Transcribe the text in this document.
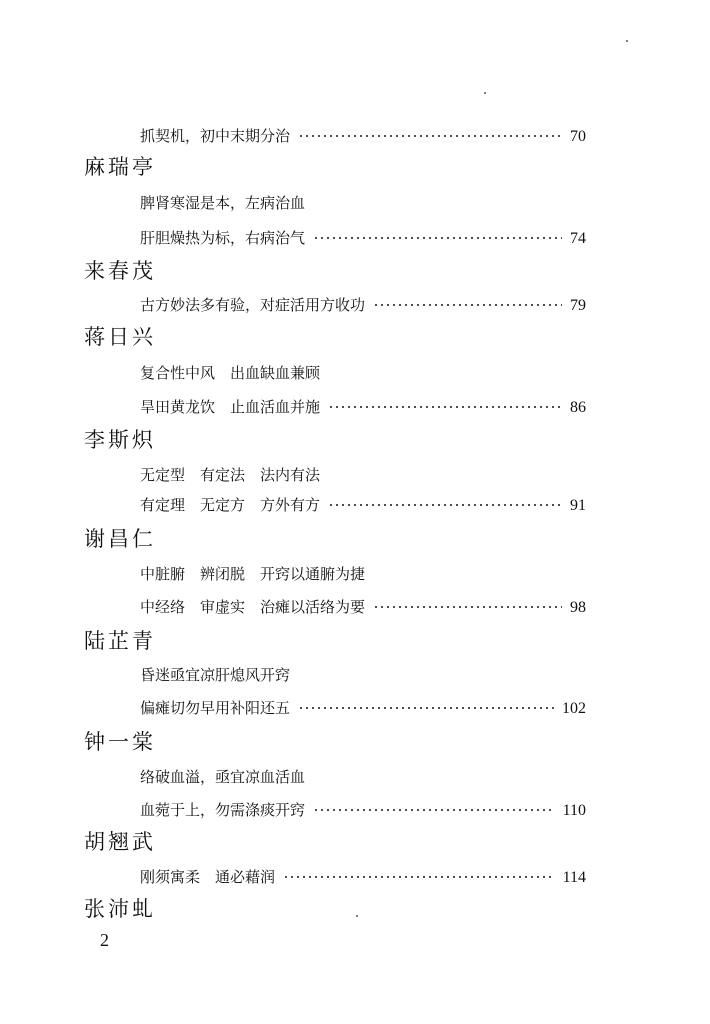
抓契机，初中末期分治	70
麻瑞亭
脾肾寒湿是本，左病治血
肝胆燥热为标，右病治气	74
来春茂
古方妙法多有验，对症活用方收功	79
蒋日兴
复合性中风　出血缺血兼顾
旱田黄龙饮　止血活血并施	86
李斯炽
无定型　有定法　法内有法
有定理　无定方　方外有方	91
谢昌仁
中脏腑　辨闭脱　开窍以通腑为捷
中经络　审虚实　治瘫以活络为要	98
陆芷青
昏迷亟宜凉肝熄风开窍
偏瘫切勿早用补阳还五	102
钟一棠
络破血溢，亟宜凉血活血
血菀于上，勿需涤痰开窍	110
胡翘武
刚须寓柔　通必藉润	114
张沛虬
2
